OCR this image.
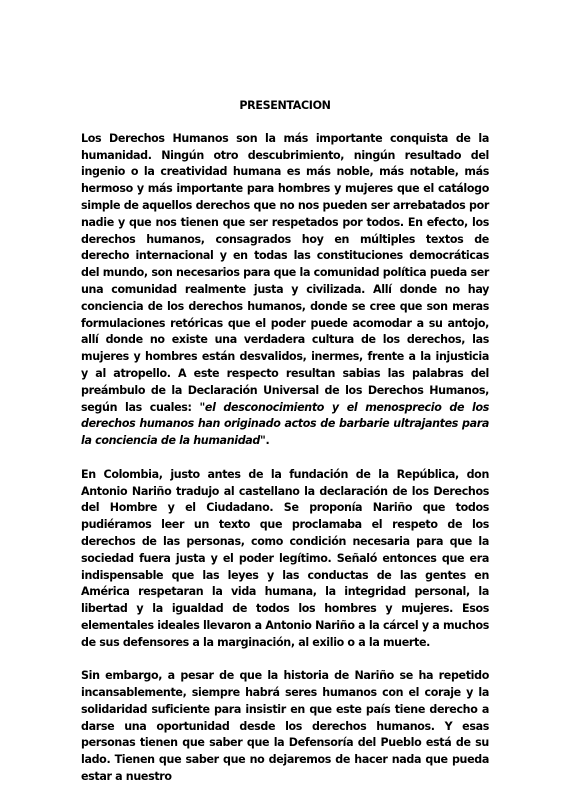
PRESENTACION

Los Derechos Humanos son la más importante conquista de la humanidad. Ningún otro descubrimiento, ningún resultado del ingenio o la creatividad humana es más noble, más notable, más hermoso y más importante para hombres y mujeres que el catálogo simple de aquellos derechos que no nos pueden ser arrebatados por nadie y que nos tienen que ser respetados por todos. En efecto, los derechos humanos, consagrados hoy en múltiples textos de derecho internacional y en todas las constituciones democráticas del mundo, son necesarios para que la comunidad política pueda ser una comunidad realmente justa y civilizada. Allí donde no hay conciencia de los derechos humanos, donde se cree que son meras formulaciones retóricas que el poder puede acomodar a su antojo, allí donde no existe una verdadera cultura de los derechos, las mujeres y hombres están desvalidos, inermes, frente a la injusticia y al atropello. A este respecto resultan sabias las palabras del preámbulo de la Declaración Universal de los Derechos Humanos, según las cuales: "el desconocimiento y el menosprecio de los derechos humanos han originado actos de barbarie ultrajantes para la conciencia de la humanidad".

En Colombia, justo antes de la fundación de la República, don Antonio Nariño tradujo al castellano la declaración de los Derechos del Hombre y el Ciudadano. Se proponía Nariño que todos pudiéramos leer un texto que proclamaba el respeto de los derechos de las personas, como condición necesaria para que la sociedad fuera justa y el poder legítimo. Señaló entonces que era indispensable que las leyes y las conductas de las gentes en América respetaran la vida humana, la integridad personal, la libertad y la igualdad de todos los hombres y mujeres. Esos elementales ideales llevaron a Antonio Nariño a la cárcel y a muchos de sus defensores a la marginación, al exilio o a la muerte.

Sin embargo, a pesar de que la historia de Nariño se ha repetido incansablemente, siempre habrá seres humanos con el coraje y la solidaridad suficiente para insistir en que este país tiene derecho a darse una oportunidad desde los derechos humanos. Y esas personas tienen que saber que la Defensoría del Pueblo está de su lado. Tienen que saber que no dejaremos de hacer nada que pueda estar a nuestro
